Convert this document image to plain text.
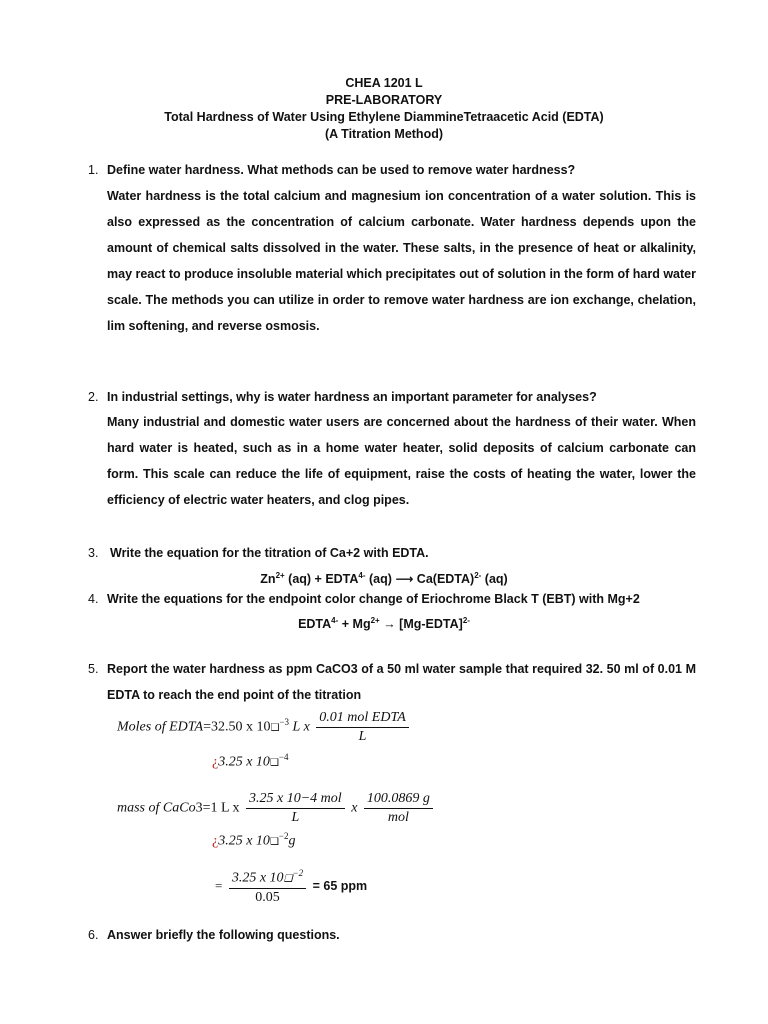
CHEA 1201 L
PRE-LABORATORY
Total Hardness of Water Using Ethylene DiammineTetraacetic Acid (EDTA)
(A Titration Method)
1. Define water hardness. What methods can be used to remove water hardness?
Water hardness is the total calcium and magnesium ion concentration of a water solution. This is also expressed as the concentration of calcium carbonate. Water hardness depends upon the amount of chemical salts dissolved in the water. These salts, in the presence of heat or alkalinity, may react to produce insoluble material which precipitates out of solution in the form of hard water scale. The methods you can utilize in order to remove water hardness are ion exchange, chelation, lim softening, and reverse osmosis.
2. In industrial settings, why is water hardness an important parameter for analyses?
Many industrial and domestic water users are concerned about the hardness of their water. When hard water is heated, such as in a home water heater, solid deposits of calcium carbonate can form. This scale can reduce the life of equipment, raise the costs of heating the water, lower the efficiency of electric water heaters, and clog pipes.
3. Write the equation for the titration of Ca+2 with EDTA.
$Zn^{2+}$ $(aq) + EDTA^{4-}$ (aq) ⟶ Ca(EDTA)$^{2-}$ (aq)
4. Write the equations for the endpoint color change of Eriochrome Black T (EBT) with Mg+2
$EDTA^{4-} + Mg^{2+}$ → [Mg-EDTA]$^{2-}$
5. Report the water hardness as ppm CaCO3 of a 50 ml water sample that required 32. 50 ml of 0.01 M
EDTA to reach the end point of the titration
Moles of EDTA=32.50 x 10❑$^{-3}$ L x $\frac{\text{0.01 mol EDTA}}{L}$
¿3.25 x 10❑$^{-4}$
mass of CaCo3=1 L x $\frac{\text{3.25 x 10−4 mol}}{L}$ x $\frac{100.0869 g}{\text{mol}}$
¿3.25 x 10❑$^{-2}$g
= $\frac{3.25 x 10❑^{-2}}{0.05} = 65$ ppm
6. Answer briefly the following questions.
